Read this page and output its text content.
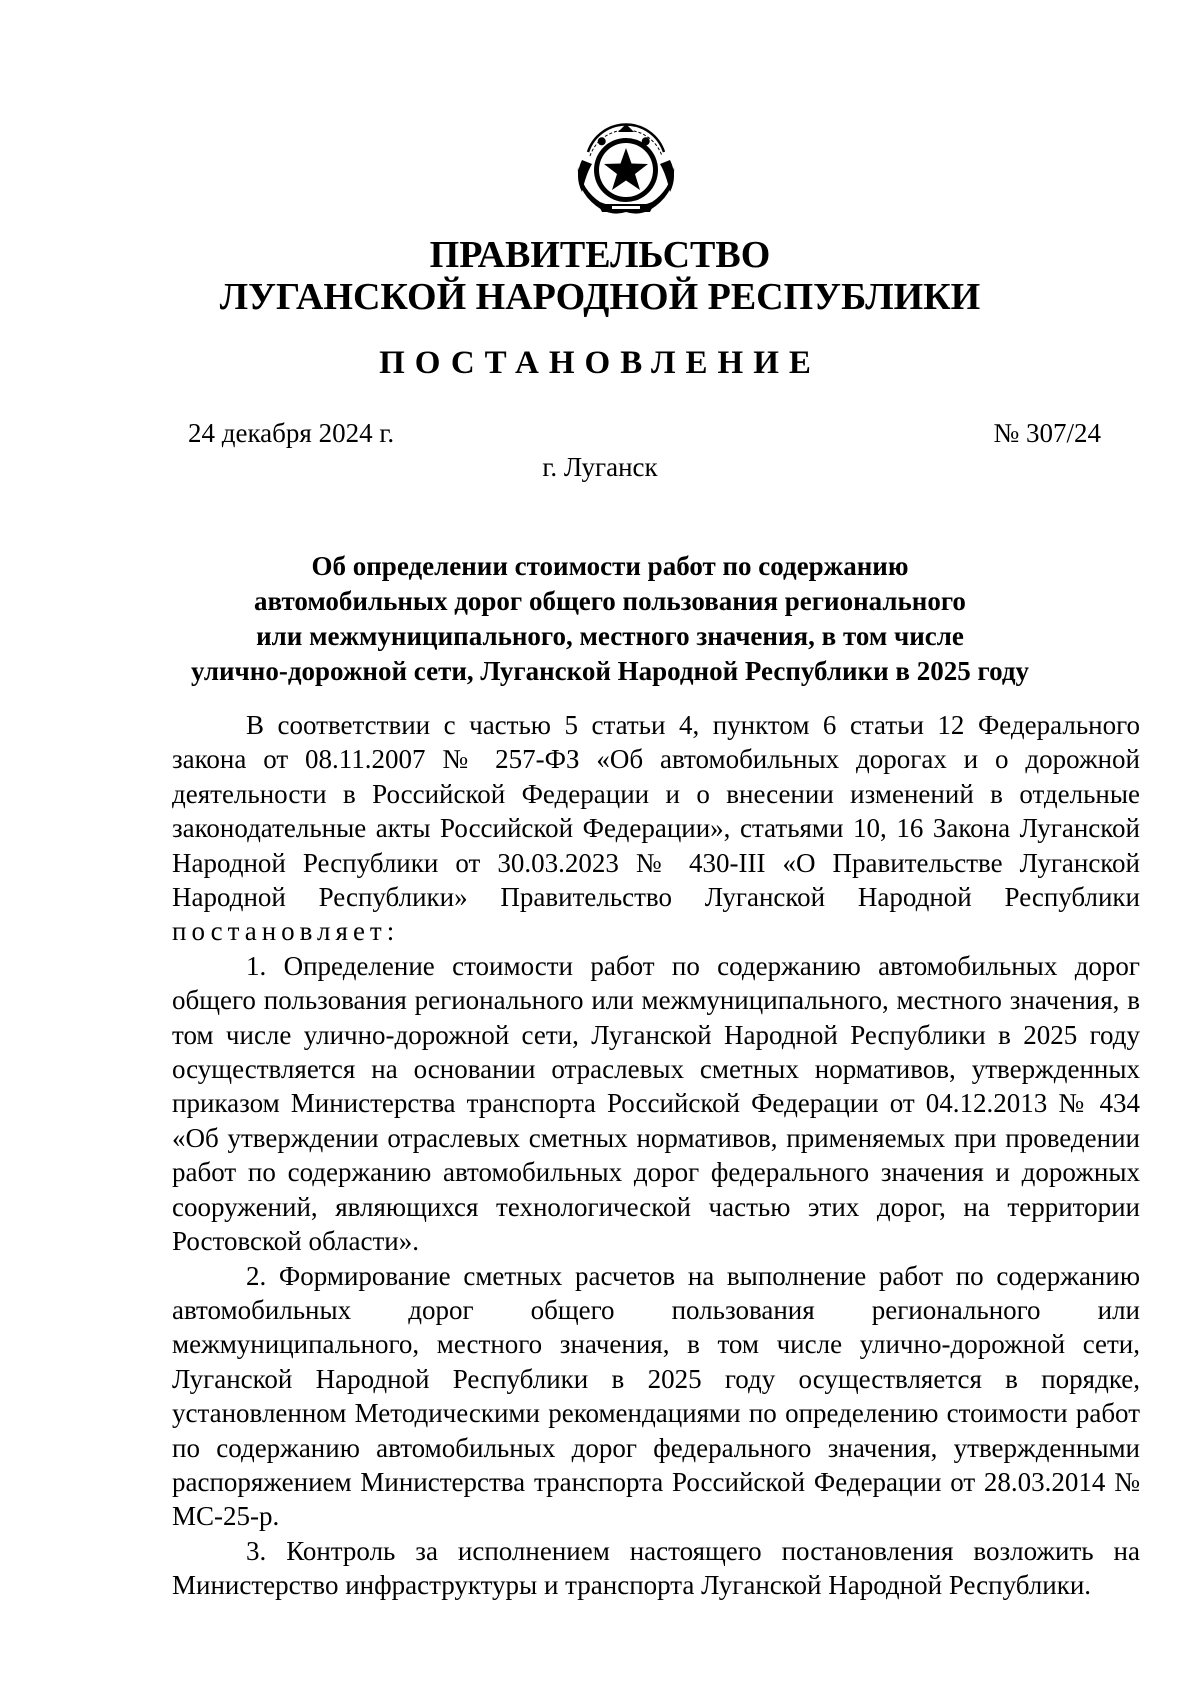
ПРАВИТЕЛЬСТВО
ЛУГАНСКОЙ НАРОДНОЙ РЕСПУБЛИКИ
ПОСТАНОВЛЕНИЕ
24 декабря 2024 г.	№ 307/24
г. Луганск
Об определении стоимости работ по содержанию
автомобильных дорог общего пользования регионального
или межмуниципального, местного значения, в том числе
улично-дорожной сети, Луганской Народной Республики в 2025 году

В соответствии с частью 5 статьи 4, пунктом 6 статьи 12 Федерального закона от 08.11.2007 № 257-ФЗ «Об автомобильных дорогах и о дорожной деятельности в Российской Федерации и о внесении изменений в отдельные законодательные акты Российской Федерации», статьями 10, 16 Закона Луганской Народной Республики от 30.03.2023 № 430-III «О Правительстве Луганской Народной Республики» Правительство Луганской Народной Республики постановляет:

1. Определение стоимости работ по содержанию автомобильных дорог общего пользования регионального или межмуниципального, местного значения, в том числе улично-дорожной сети, Луганской Народной Республики в 2025 году осуществляется на основании отраслевых сметных нормативов, утвержденных приказом Министерства транспорта Российской Федерации от 04.12.2013 № 434 «Об утверждении отраслевых сметных нормативов, применяемых при проведении работ по содержанию автомобильных дорог федерального значения и дорожных сооружений, являющихся технологической частью этих дорог, на территории Ростовской области».

2. Формирование сметных расчетов на выполнение работ по содержанию автомобильных дорог общего пользования регионального или межмуниципального, местного значения, в том числе улично-дорожной сети, Луганской Народной Республики в 2025 году осуществляется в порядке, установленном Методическими рекомендациями по определению стоимости работ по содержанию автомобильных дорог федерального значения, утвержденными распоряжением Министерства транспорта Российской Федерации от 28.03.2014 № МС-25-р.

3. Контроль за исполнением настоящего постановления возложить на Министерство инфраструктуры и транспорта Луганской Народной Республики.
